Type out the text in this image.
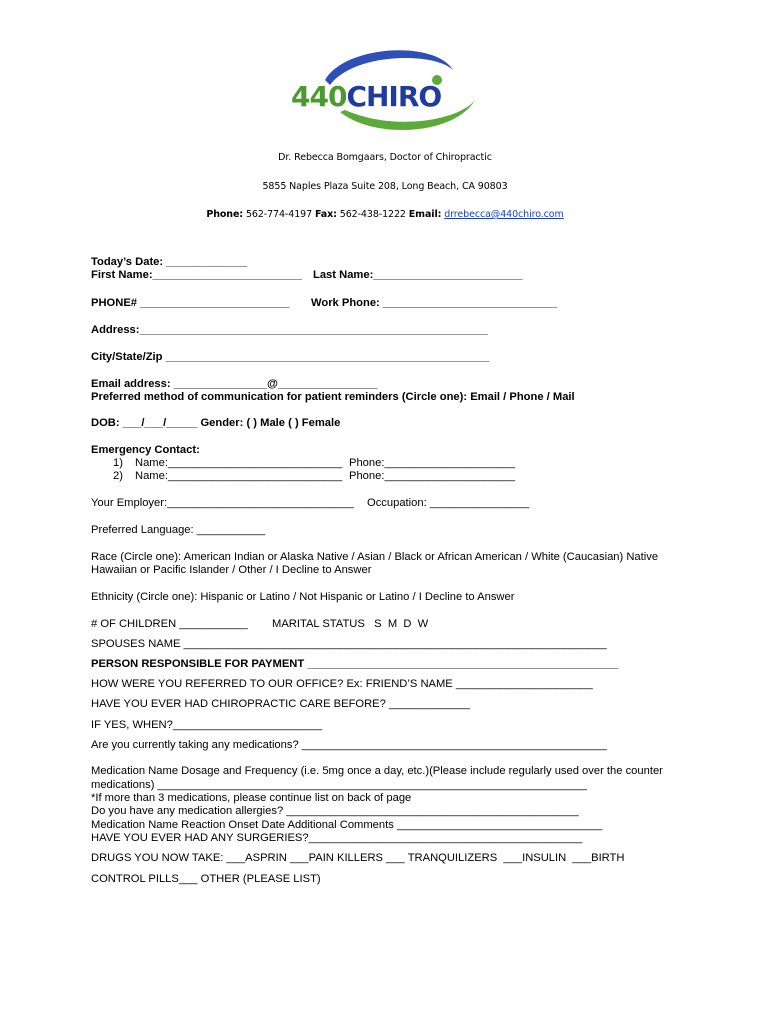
440CHIRO
Dr. Rebecca Bomgaars, Doctor of Chiropractic
5855 Naples Plaza Suite 208, Long Beach, CA 90803
Phone: 562-774-4197 Fax: 562-438-1222 Email: drrebecca@440chiro.com
Today’s Date: _____________
First Name:________________________ Last Name:________________________
PHONE# ________________________ Work Phone: ____________________________
Address:________________________________________________________
City/State/Zip ____________________________________________________
Email address: _______________@________________
Preferred method of communication for patient reminders (Circle one): Email / Phone / Mail
DOB: ___/___/_____ Gender: ( ) Male ( ) Female
Emergency Contact:
1) Name:____________________________ Phone:_____________________
2) Name:____________________________ Phone:_____________________
Your Employer:______________________________ Occupation: ________________
Preferred Language: ___________
Race (Circle one): American Indian or Alaska Native / Asian / Black or African American / White (Caucasian) Native
Hawaiian or Pacific Islander / Other / I Decline to Answer
Ethnicity (Circle one): Hispanic or Latino / Not Hispanic or Latino / I Decline to Answer
# OF CHILDREN ___________ MARITAL STATUS   S  M  D  W
SPOUSES NAME ____________________________________________________________________
PERSON RESPONSIBLE FOR PAYMENT __________________________________________________
HOW WERE YOU REFERRED TO OUR OFFICE? Ex: FRIEND’S NAME ______________________
HAVE YOU EVER HAD CHIROPRACTIC CARE BEFORE? _____________
IF YES, WHEN?________________________
Are you currently taking any medications? _________________________________________________
Medication Name Dosage and Frequency (i.e. 5mg once a day, etc.)(Please include regularly used over the counter
medications) _____________________________________________________________________
*If more than 3 medications, please continue list on back of page
Do you have any medication allergies? _______________________________________________
Medication Name Reaction Onset Date Additional Comments _________________________________
HAVE YOU EVER HAD ANY SURGERIES?____________________________________________
DRUGS YOU NOW TAKE: ___ASPRIN ___PAIN KILLERS ___ TRANQUILIZERS  ___INSULIN  ___BIRTH
CONTROL PILLS___ OTHER (PLEASE LIST)
